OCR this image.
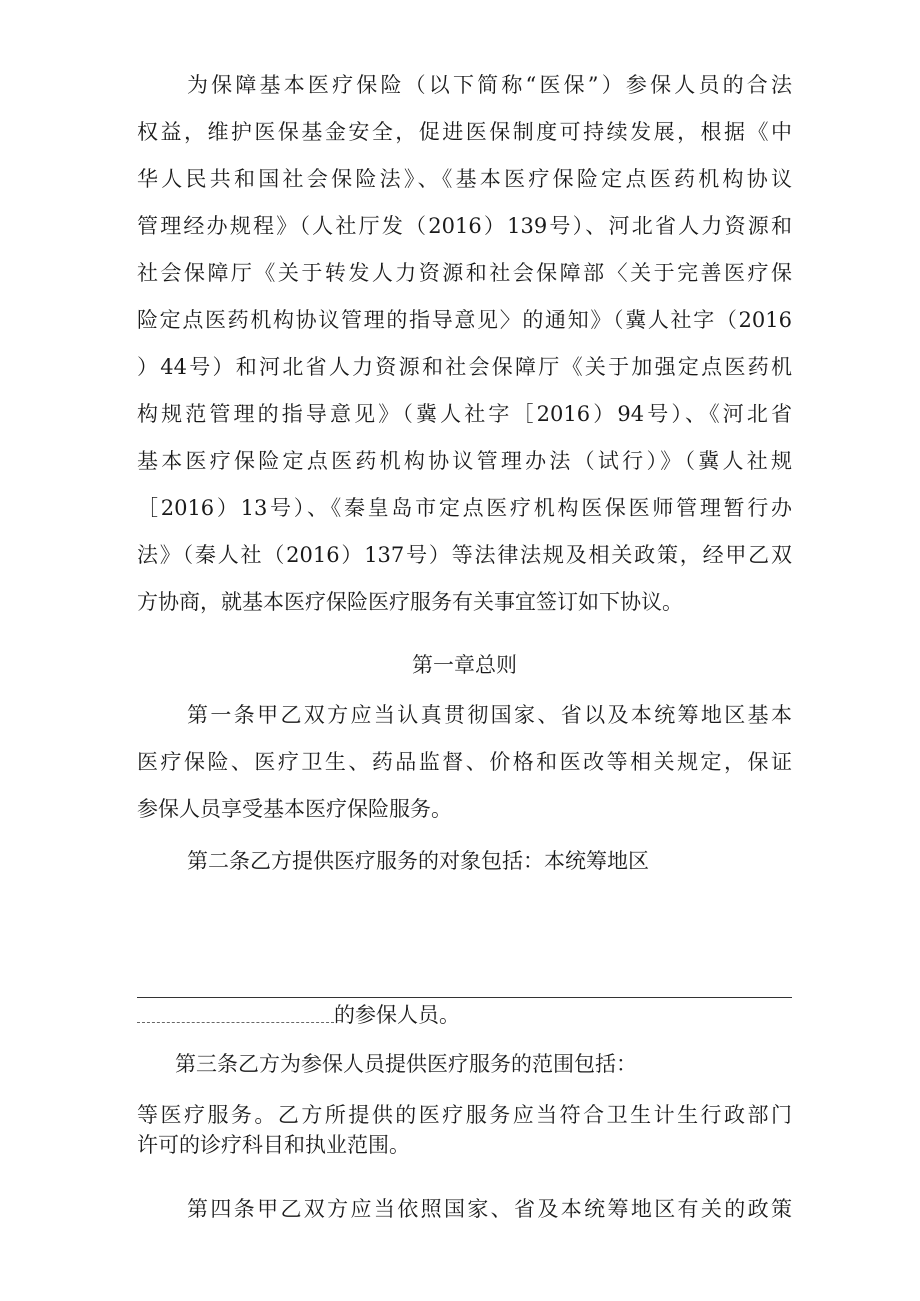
为保障基本医疗保险（以下简称“医保”）参保人员的合法
权益，维护医保基金安全，促进医保制度可持续发展，根据《中
华人民共和国社会保险法》、《基本医疗保险定点医药机构协议
管理经办规程》（人社厅发（2016）139号）、河北省人力资源和
社会保障厅《关于转发人力资源和社会保障部〈关于完善医疗保
险定点医药机构协议管理的指导意见〉的通知》（冀人社字（2016
）44号）和河北省人力资源和社会保障厅《关于加强定点医药机
构规范管理的指导意见》（冀人社字［2016）94号）、《河北省
基本医疗保险定点医药机构协议管理办法（试行）》（冀人社规
［2016）13号）、《秦皇岛市定点医疗机构医保医师管理暂行办
法》（秦人社（2016）137号）等法律法规及相关政策，经甲乙双
方协商，就基本医疗保险医疗服务有关事宜签订如下协议。
第一章总则
第一条甲乙双方应当认真贯彻国家、省以及本统筹地区基本
医疗保险、医疗卫生、药品监督、价格和医改等相关规定，保证
参保人员享受基本医疗保险服务。
第二条乙方提供医疗服务的对象包括：本统筹地区
的参保人员。
第三条乙方为参保人员提供医疗服务的范围包括：
等医疗服务。乙方所提供的医疗服务应当符合卫生计生行政部门
许可的诊疗科目和执业范围。
第四条甲乙双方应当依照国家、省及本统筹地区有关的政策
